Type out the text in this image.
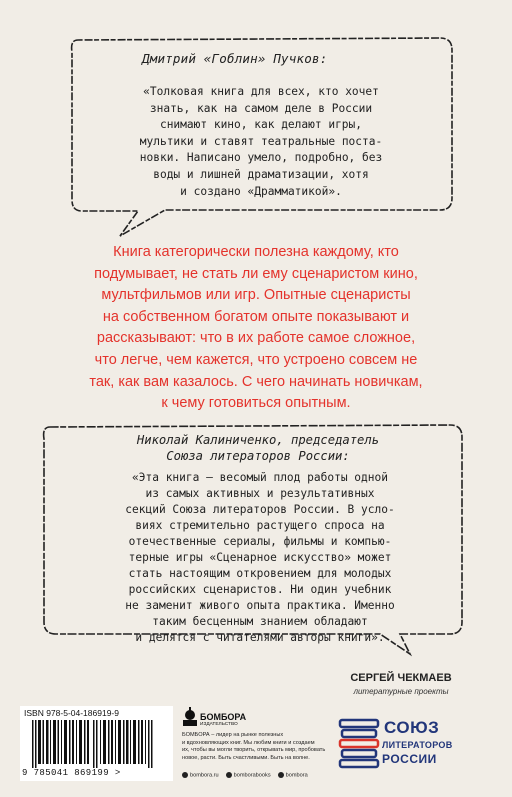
Дмитрий «Гоблин» Пучков:
«Толковая книга для всех, кто хочет
знать, как на самом деле в России
снимают кино, как делают игры,
мультики и ставят театральные поста-
новки. Написано умело, подробно, без
воды и лишней драматизации, хотя
и создано «Драмматикой».
Книга категорически полезна каждому, кто
подумывает, не стать ли ему сценаристом кино,
мультфильмов или игр. Опытные сценаристы
на собственном богатом опыте показывают и
рассказывают: что в их работе самое сложное,
что легче, чем кажется, что устроено совсем не
так, как вам казалось. С чего начинать новичкам,
к чему готовиться опытным.
Николай Калиниченко, председатель
Союза литераторов России:
«Эта книга – весомый плод работы одной
из самых активных и результативных
секций Союза литераторов России. В усло-
виях стремительно растущего спроса на
отечественные сериалы, фильмы и компью-
терные игры «Сценарное искусство» может
стать настоящим откровением для молодых
российских сценаристов. Ни один учебник
не заменит живого опыта практика. Именно
таким бесценным знанием обладают
и делятся с читателями авторы книги».
ISBN 978-5-04-186919-9
9 785041 869199 >
БОМБОРА
ИЗДАТЕЛЬСТВО
БОМБОРА – лидер на рынке полезных
и вдохновляющих книг. Мы любим книги и создаем
их, чтобы вы могли творить, открывать мир, пробовать
новое, расти. Быть счастливыми. Быть на волне.
bombora.ru	bomborabooks	bombora
СЕРГЕЙ ЧЕКМАЕВ
литературные проекты
СОЮЗ
ЛИТЕРАТОРОВ
РОССИИ
